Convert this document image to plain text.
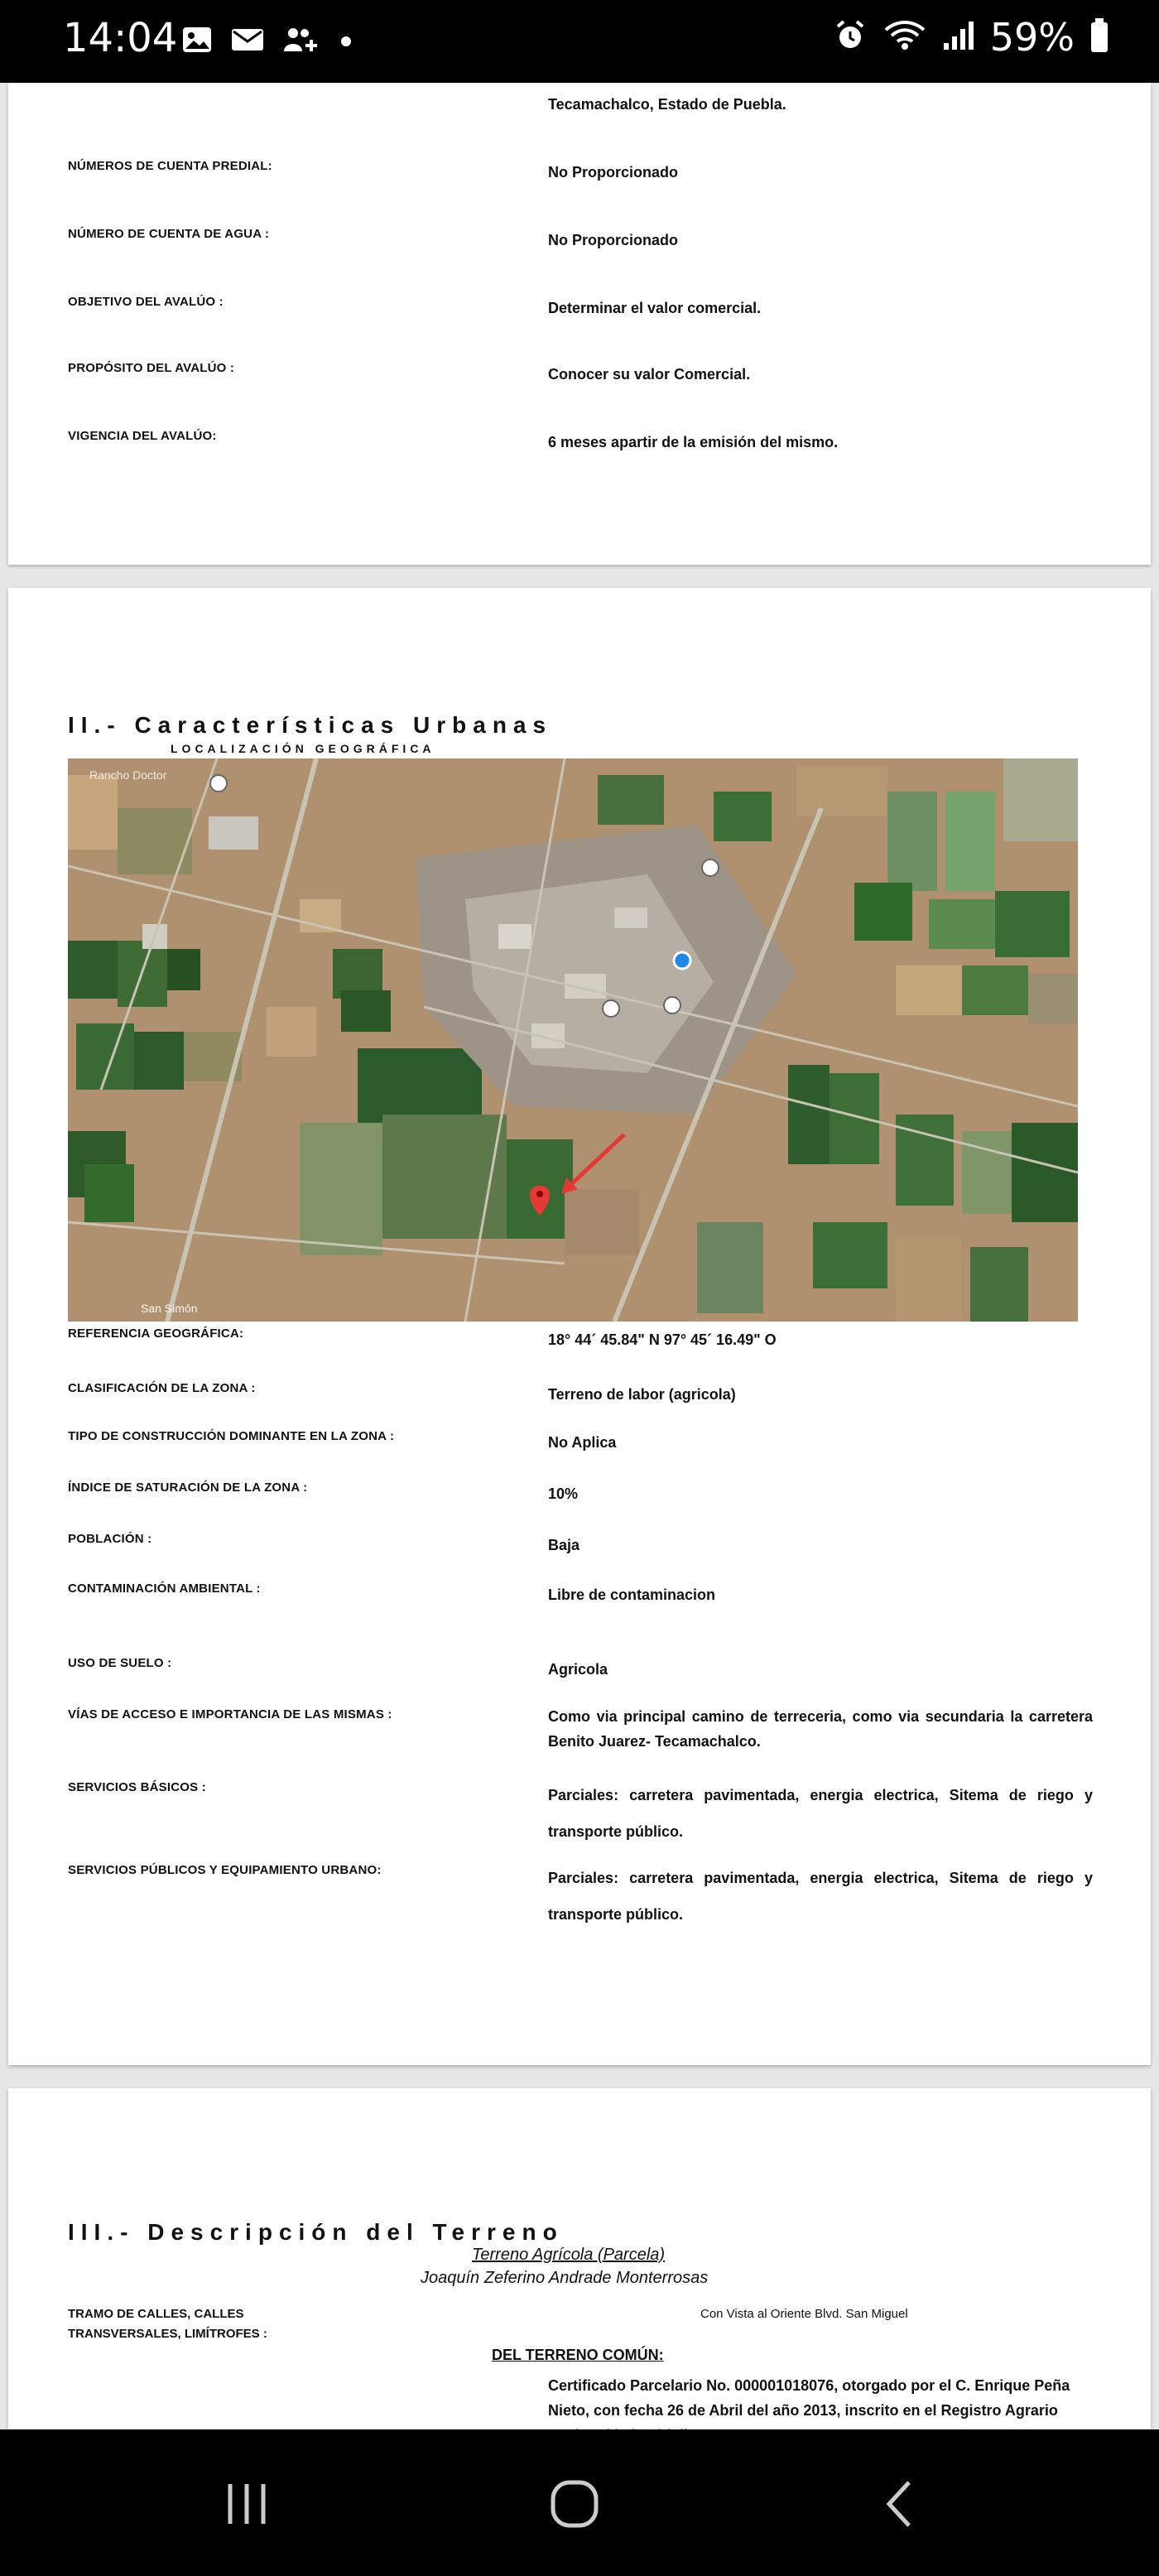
14:04	59%
Tecamachalco, Estado de Puebla.
NÚMEROS DE CUENTA PREDIAL:	No Proporcionado
NÚMERO DE CUENTA DE AGUA :	No Proporcionado
OBJETIVO DEL AVALÚO :	Determinar el valor comercial.
PROPÓSITO DEL AVALÚO :	Conocer su valor Comercial.
VIGENCIA DEL AVALÚO:	6 meses apartir de la emisión del mismo.
II.- Características Urbanas
LOCALIZACIÓN GEOGRÁFICA
Rancho Doctor
San Simón
REFERENCIA GEOGRÁFICA:	18° 44´ 45.84" N 97° 45´ 16.49" O
CLASIFICACIÓN DE LA ZONA :	Terreno de labor (agricola)
TIPO DE CONSTRUCCIÓN DOMINANTE EN LA ZONA :	No Aplica
ÍNDICE DE SATURACIÓN DE LA ZONA :	10%
POBLACIÓN :	Baja
CONTAMINACIÓN AMBIENTAL :	Libre de contaminacion
USO DE SUELO :	Agricola
VÍAS DE ACCESO E IMPORTANCIA DE LAS MISMAS :	Como via principal camino de terreceria, como via secundaria la carretera Benito Juarez- Tecamachalco.
SERVICIOS BÁSICOS :	Parciales: carretera pavimentada, energia electrica, Sitema de riego y transporte público.
SERVICIOS PÚBLICOS Y EQUIPAMIENTO URBANO:	Parciales: carretera pavimentada, energia electrica, Sitema de riego y transporte público.
III.- Descripción del Terreno
Terreno Agrícola (Parcela)
Joaquín Zeferino Andrade Monterrosas
TRAMO DE CALLES, CALLES
TRANSVERSALES, LIMÍTROFES :
Con Vista al Oriente Blvd. San Miguel
DEL TERRENO COMÚN:
Certificado Parcelario No. 000001018076, otorgado por el C. Enrique Peña Nieto, con fecha 26 de Abril del año 2013, inscrito en el Registro Agrario
